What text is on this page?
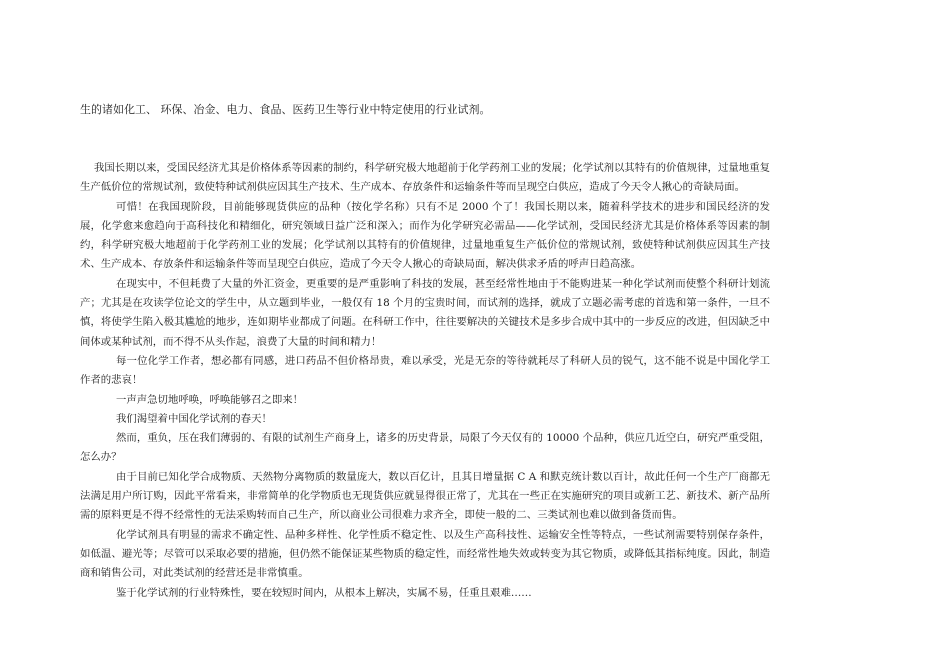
生的诸如化工、 环保、冶金、电力、食品、医药卫生等行业中特定使用的行业试剂。

我国长期以来，受国民经济尤其是价格体系等因素的制约，科学研究极大地超前于化学药剂工业的发展；化学试剂以其特有的价值规律，过量地重复生产低价位的常规试剂，致使特种试剂供应因其生产技术、生产成本、存放条件和运输条件等而呈现空白供应，造成了今天令人揪心的奇缺局面。

可惜！在我国现阶段，目前能够现货供应的品种（按化学名称）只有不足 2000 个了！我国长期以来，随着科学技术的进步和国民经济的发展，化学愈来愈趋向于高科技化和精细化，研究领域日益广泛和深入；而作为化学研究必需品——化学试剂，受国民经济尤其是价格体系等因素的制约，科学研究极大地超前于化学药剂工业的发展；化学试剂以其特有的价值规律，过量地重复生产低价位的常规试剂，致使特种试剂供应因其生产技术、生产成本、存放条件和运输条件等而呈现空白供应，造成了今天令人揪心的奇缺局面，解决供求矛盾的呼声日趋高涨。

在现实中，不但耗费了大量的外汇资金，更重要的是严重影响了科技的发展，甚至经常性地由于不能购进某一种化学试剂而使整个科研计划流产；尤其是在攻读学位论文的学生中，从立题到毕业，一般仅有 18 个月的宝贵时间，而试剂的选择，就成了立题必需考虑的首选和第一条件，一旦不慎，将使学生陷入极其尴尬的地步，连如期毕业都成了问题。在科研工作中，往往要解决的关键技术是多步合成中其中的一步反应的改进，但因缺乏中间体或某种试剂，而不得不从头作起，浪费了大量的时间和精力！

每一位化学工作者，想必都有同感，进口药品不但价格昂贵，难以承受，光是无奈的等待就耗尽了科研人员的锐气，这不能不说是中国化学工作者的悲哀！

一声声急切地呼唤，呼唤能够召之即来！

我们渴望着中国化学试剂的春天！

然而，重负，压在我们薄弱的、有限的试剂生产商身上，诸多的历史背景，局限了今天仅有的 10000 个品种，供应几近空白，研究严重受阻，怎么办？

由于目前已知化学合成物质、天然物分离物质的数量庞大，数以百亿计，且其日增量据 C A 和默克统计数以百计，故此任何一个生产厂商都无法满足用户所订购，因此平常看来，非常简单的化学物质也无现货供应就显得很正常了，尤其在一些正在实施研究的项目或新工艺、新技术、新产品所需的原料更是不得不经常性的无法采购转而自己生产，所以商业公司很难力求齐全，即使一般的二、三类试剂也难以做到备货而售。

化学试剂具有明显的需求不确定性、品种多样性、化学性质不稳定性、以及生产高科技性、运输安全性等特点，一些试剂需要特别保存条件，如低温、避光等；尽管可以采取必要的措施，但仍然不能保证某些物质的稳定性，而经常性地失效或转变为其它物质，或降低其指标纯度。因此，制造商和销售公司，对此类试剂的经营还是非常慎重。

鉴于化学试剂的行业特殊性，要在较短时间内，从根本上解决，实属不易，任重且艰难……
